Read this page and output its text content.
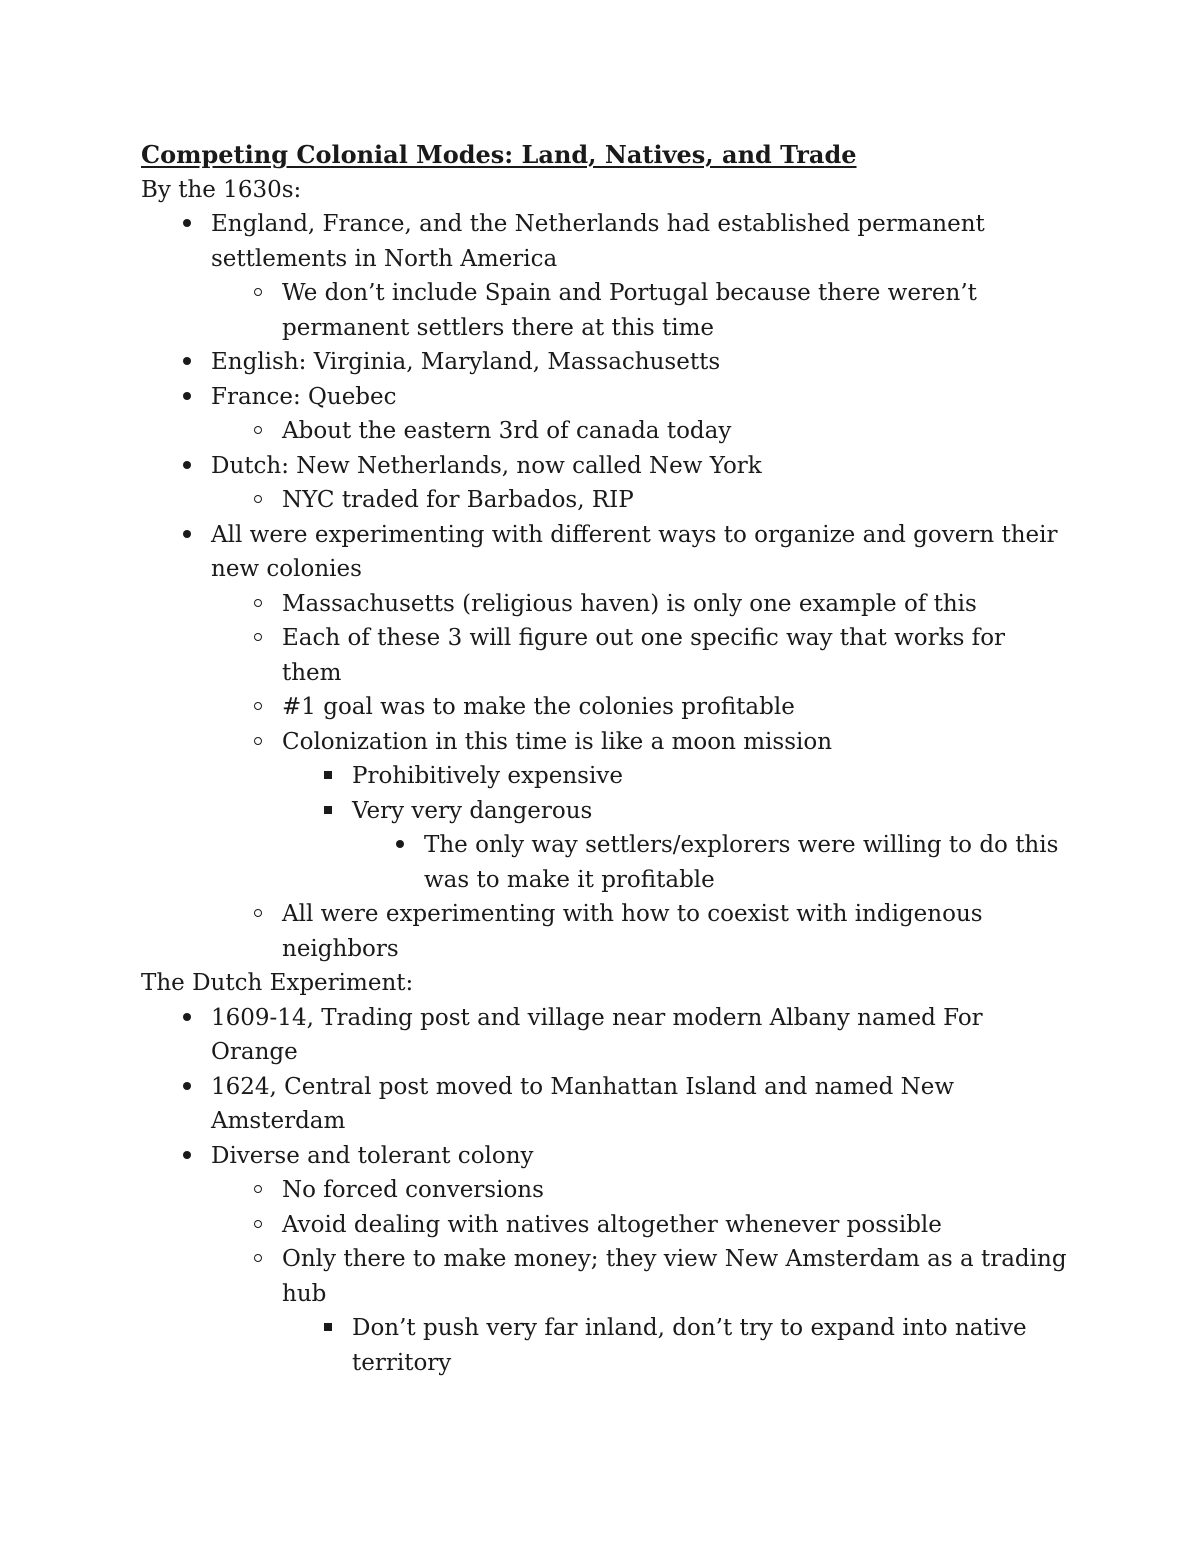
Competing Colonial Modes: Land, Natives, and Trade

By the 1630s:

England, France, and the Netherlands had established permanent settlements in North America
We don’t include Spain and Portugal because there weren’t permanent settlers there at this time
English: Virginia, Maryland, Massachusetts
France: Quebec
About the eastern 3rd of canada today
Dutch: New Netherlands, now called New York
NYC traded for Barbados, RIP
All were experimenting with different ways to organize and govern their new colonies
Massachusetts (religious haven) is only one example of this
Each of these 3 will figure out one specific way that works for them
#1 goal was to make the colonies profitable
Colonization in this time is like a moon mission
Prohibitively expensive
Very very dangerous
The only way settlers/explorers were willing to do this was to make it profitable
All were experimenting with how to coexist with indigenous neighbors

The Dutch Experiment:

1609-14, Trading post and village near modern Albany named For Orange
1624, Central post moved to Manhattan Island and named New Amsterdam
Diverse and tolerant colony
No forced conversions
Avoid dealing with natives altogether whenever possible
Only there to make money; they view New Amsterdam as a trading hub
Don’t push very far inland, don’t try to expand into native territory
